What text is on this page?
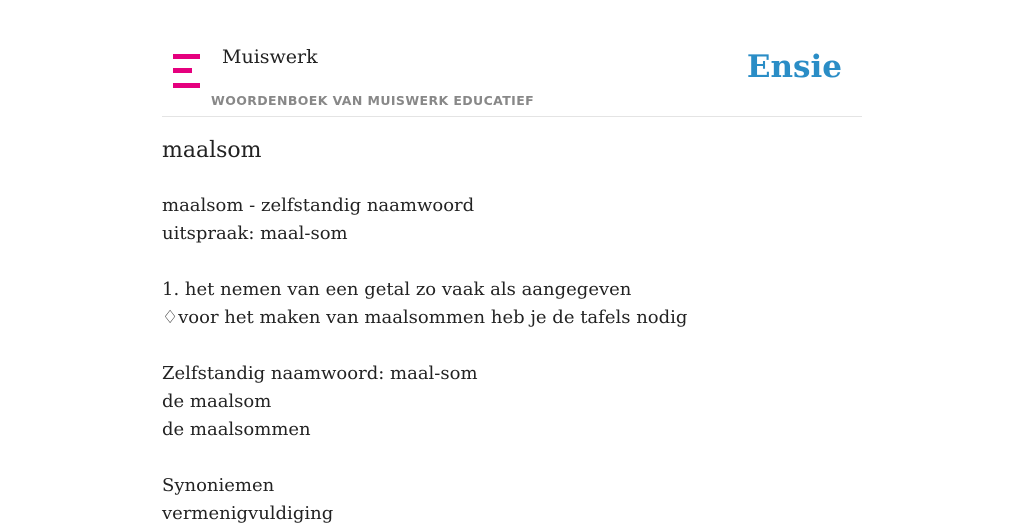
Muiswerk
WOORDENBOEK VAN MUISWERK EDUCATIEF
Ensie
maalsom
maalsom - zelfstandig naamwoord
uitspraak: maal-som
1. het nemen van een getal zo vaak als aangegeven
♢voor het maken van maalsommen heb je de tafels nodig
Zelfstandig naamwoord: maal-som
de maalsom
de maalsommen
Synoniemen
vermenigvuldiging
